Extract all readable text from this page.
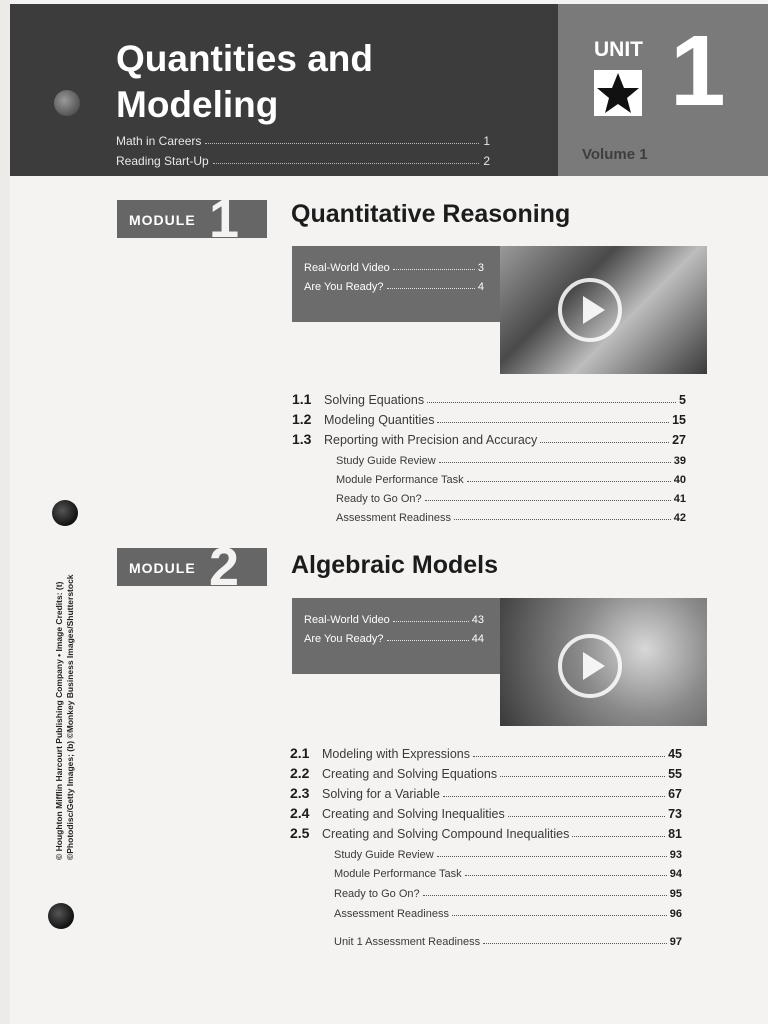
Quantities and
Modeling
Math in Careers	1
Reading Start-Up	2
UNIT 1
Volume 1
MODULE 1 Quantitative Reasoning
Real-World Video	3
Are You Ready?	4
1.1	Solving Equations	5
1.2	Modeling Quantities	15
1.3	Reporting with Precision and Accuracy	27
Study Guide Review	39
Module Performance Task	40
Ready to Go On?	41
Assessment Readiness	42
MODULE 2 Algebraic Models
Real-World Video	43
Are You Ready?	44
2.1	Modeling with Expressions	45
2.2	Creating and Solving Equations	55
2.3	Solving for a Variable	67
2.4	Creating and Solving Inequalities	73
2.5	Creating and Solving Compound Inequalities	81
Study Guide Review	93
Module Performance Task	94
Ready to Go On?	95
Assessment Readiness	96
Unit 1 Assessment Readiness	97
© Houghton Mifflin Harcourt Publishing Company • Image Credits: (t) ©Photodisc/Getty Images; (b) ©Monkey Business Images/Shutterstock
